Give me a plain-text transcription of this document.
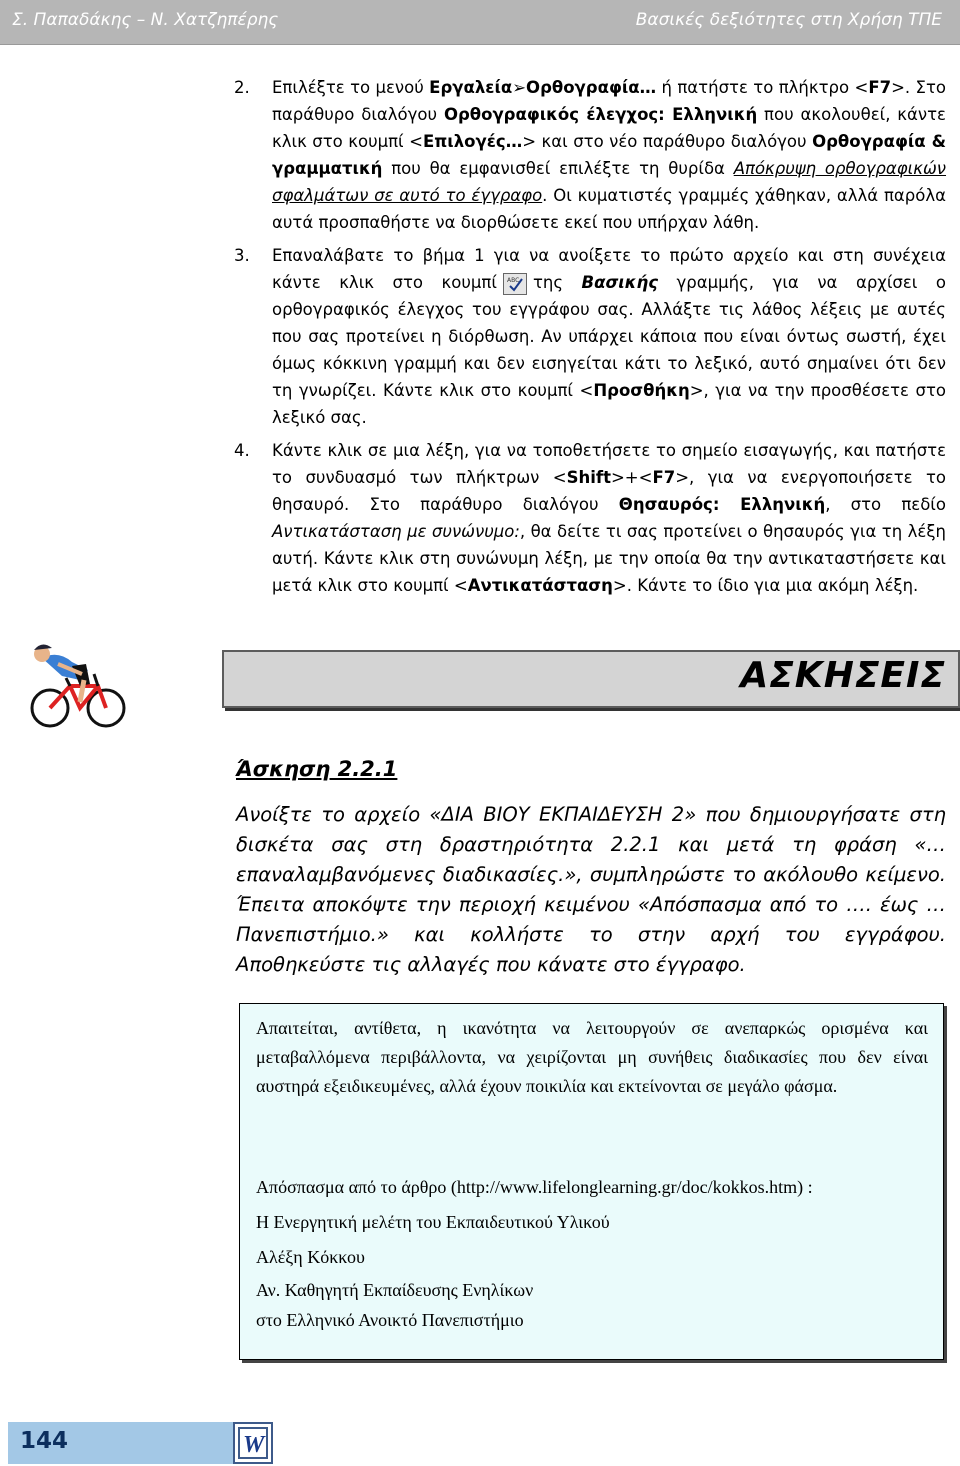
Σ. Παπαδάκης – Ν. Χατζηπέρης	Βασικές δεξιότητες στη Χρήση ΤΠΕ
2.	Επιλέξτε το μενού Εργαλεία➢Ορθογραφία… ή πατήστε το πλήκτρο <F7>. Στο παράθυρο διαλόγου Ορθογραφικός έλεγχος: Ελληνική που ακολουθεί, κάντε κλικ στο κουμπί <Επιλογές…> και στο νέο παράθυρο διαλόγου Ορθογραφία & γραμματική που θα εμφανισθεί επιλέξτε τη θυρίδα Απόκρυψη ορθογραφικών σφαλμάτων σε αυτό το έγγραφο. Οι κυματιστές γραμμές χάθηκαν, αλλά παρόλα αυτά προσπαθήστε να διορθώσετε εκεί που υπήρχαν λάθη.
3.	Επαναλάβατε το βήμα 1 για να ανοίξετε το πρώτο αρχείο και στη συνέχεια κάντε κλικ στο κουμπί ABC της Βασικής γραμμής, για να αρχίσει ο ορθογραφικός έλεγχος του εγγράφου σας. Αλλάξτε τις λάθος λέξεις με αυτές που σας προτείνει η διόρθωση. Αν υπάρχει κάποια που είναι όντως σωστή, έχει όμως κόκκινη γραμμή και δεν εισηγείται κάτι το λεξικό, αυτό σημαίνει ότι δεν τη γνωρίζει. Κάντε κλικ στο κουμπί <Προσθήκη>, για να την προσθέσετε στο λεξικό σας.
4.	Κάντε κλικ σε μια λέξη, για να τοποθετήσετε το σημείο εισαγωγής, και πατήστε το συνδυασμό των πλήκτρων <Shift>+<F7>, για να ενεργοποιήσετε το θησαυρό. Στο παράθυρο διαλόγου Θησαυρός: Ελληνική, στο πεδίο Αντικατάσταση με συνώνυμο:, θα δείτε τι σας προτείνει ο θησαυρός για τη λέξη αυτή. Κάντε κλικ στη συνώνυμη λέξη, με την οποία θα την αντικαταστήσετε και μετά κλικ στο κουμπί <Αντικατάσταση>. Κάντε το ίδιο για μια ακόμη λέξη.
ΑΣΚΗΣΕΙΣ
Άσκηση 2.2.1
Ανοίξτε το αρχείο «ΔΙΑ ΒΙΟΥ ΕΚΠΑΙΔΕΥΣΗ 2» που δημιουργήσατε στη δισκέτα σας στη δραστηριότητα 2.2.1 και μετά τη φράση «…επαναλαμβανόμενες διαδικασίες.», συμπληρώστε το ακόλουθο κείμενο. Έπειτα αποκόψτε την περιοχή κειμένου «Απόσπασμα από το …. έως … Πανεπιστήμιο.» και κολλήστε το στην αρχή του εγγράφου. Αποθηκεύστε τις αλλαγές που κάνατε στο έγγραφο.
Απαιτείται, αντίθετα, η ικανότητα να λειτουργούν σε ανεπαρκώς ορισμένα και μεταβαλλόμενα περιβάλλοντα, να χειρίζονται μη συνήθεις διαδικασίες που δεν είναι αυστηρά εξειδικευμένες, αλλά έχουν ποικιλία και εκτείνονται σε μεγάλο φάσμα.
Απόσπασμα από το άρθρο (http://www.lifelonglearning.gr/doc/kokkos.htm) :
Η Ενεργητική μελέτη του Εκπαιδευτικού Υλικού
Αλέξη Κόκκου
Αν. Καθηγητή Εκπαίδευσης Ενηλίκων
στο Ελληνικό Ανοικτό Πανεπιστήμιο
144	W
